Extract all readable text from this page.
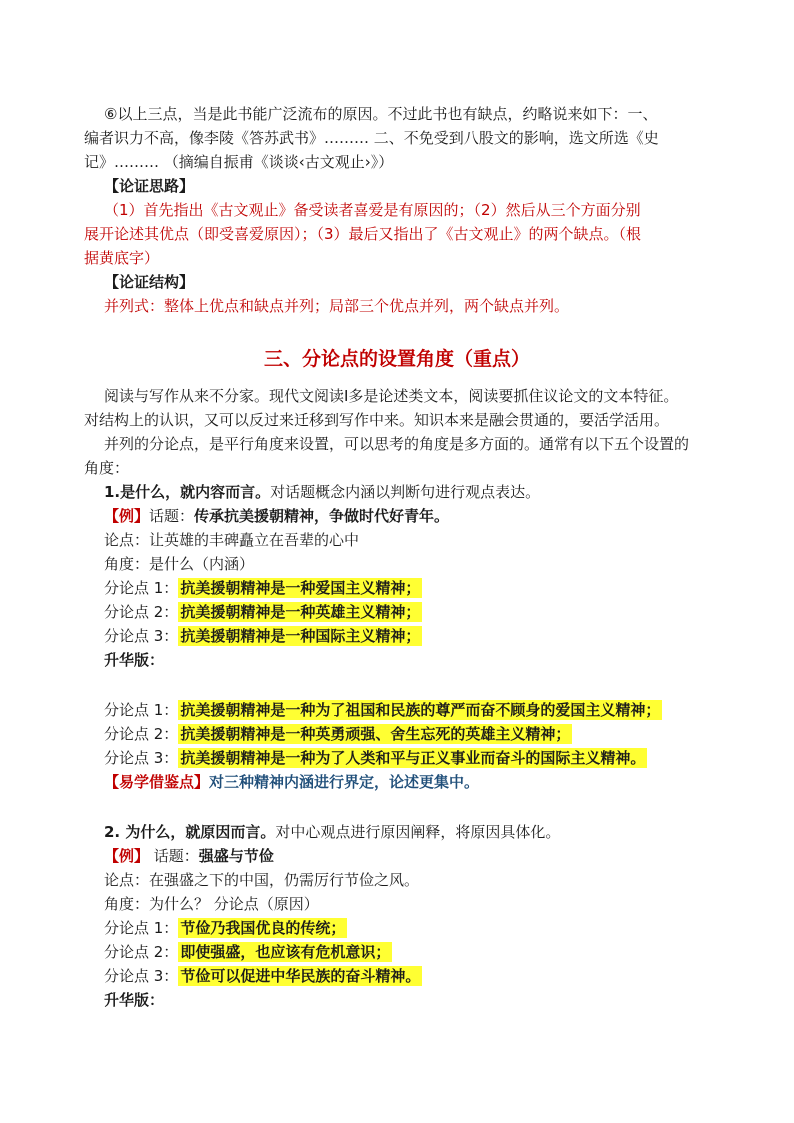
⑥以上三点，当是此书能广泛流布的原因。不过此书也有缺点，约略说来如下：一、
编者识力不高，像李陵《答苏武书》……… 二、不免受到八股文的影响，选文所选《史
记》……… （摘编自振甫《谈谈‹古文观止›》）
【论证思路】
（1）首先指出《古文观止》备受读者喜爱是有原因的；（2）然后从三个方面分别
展开论述其优点（即受喜爱原因）；（3）最后又指出了《古文观止》的两个缺点。（根
据黄底字）
【论证结构】
并列式：整体上优点和缺点并列；局部三个优点并列，两个缺点并列。
三、分论点的设置角度（重点）
阅读与写作从来不分家。现代文阅读Ⅰ多是论述类文本，阅读要抓住议论文的文本特征。
对结构上的认识，又可以反过来迁移到写作中来。知识本来是融会贯通的，要活学活用。
并列的分论点，是平行角度来设置，可以思考的角度是多方面的。通常有以下五个设置的
角度：
1.是什么，就内容而言。对话题概念内涵以判断句进行观点表达。
【例】话题：传承抗美援朝精神，争做时代好青年。
论点：让英雄的丰碑矗立在吾辈的心中
角度：是什么（内涵）
分论点 1： 抗美援朝精神是一种爱国主义精神；
分论点 2： 抗美援朝精神是一种英雄主义精神；
分论点 3： 抗美援朝精神是一种国际主义精神；
升华版：
分论点 1： 抗美援朝精神是一种为了祖国和民族的尊严而奋不顾身的爱国主义精神；
分论点 2： 抗美援朝精神是一种英勇顽强、舍生忘死的英雄主义精神；
分论点 3： 抗美援朝精神是一种为了人类和平与正义事业而奋斗的国际主义精神。
【易学借鉴点】对三种精神内涵进行界定，论述更集中。
2. 为什么，就原因而言。对中心观点进行原因阐释，将原因具体化。
【例】 话题：强盛与节俭
论点：在强盛之下的中国，仍需厉行节俭之风。
角度：为什么？ 分论点（原因）
分论点 1： 节俭乃我国优良的传统；
分论点 2： 即使强盛，也应该有危机意识；
分论点 3： 节俭可以促进中华民族的奋斗精神。
升华版：
